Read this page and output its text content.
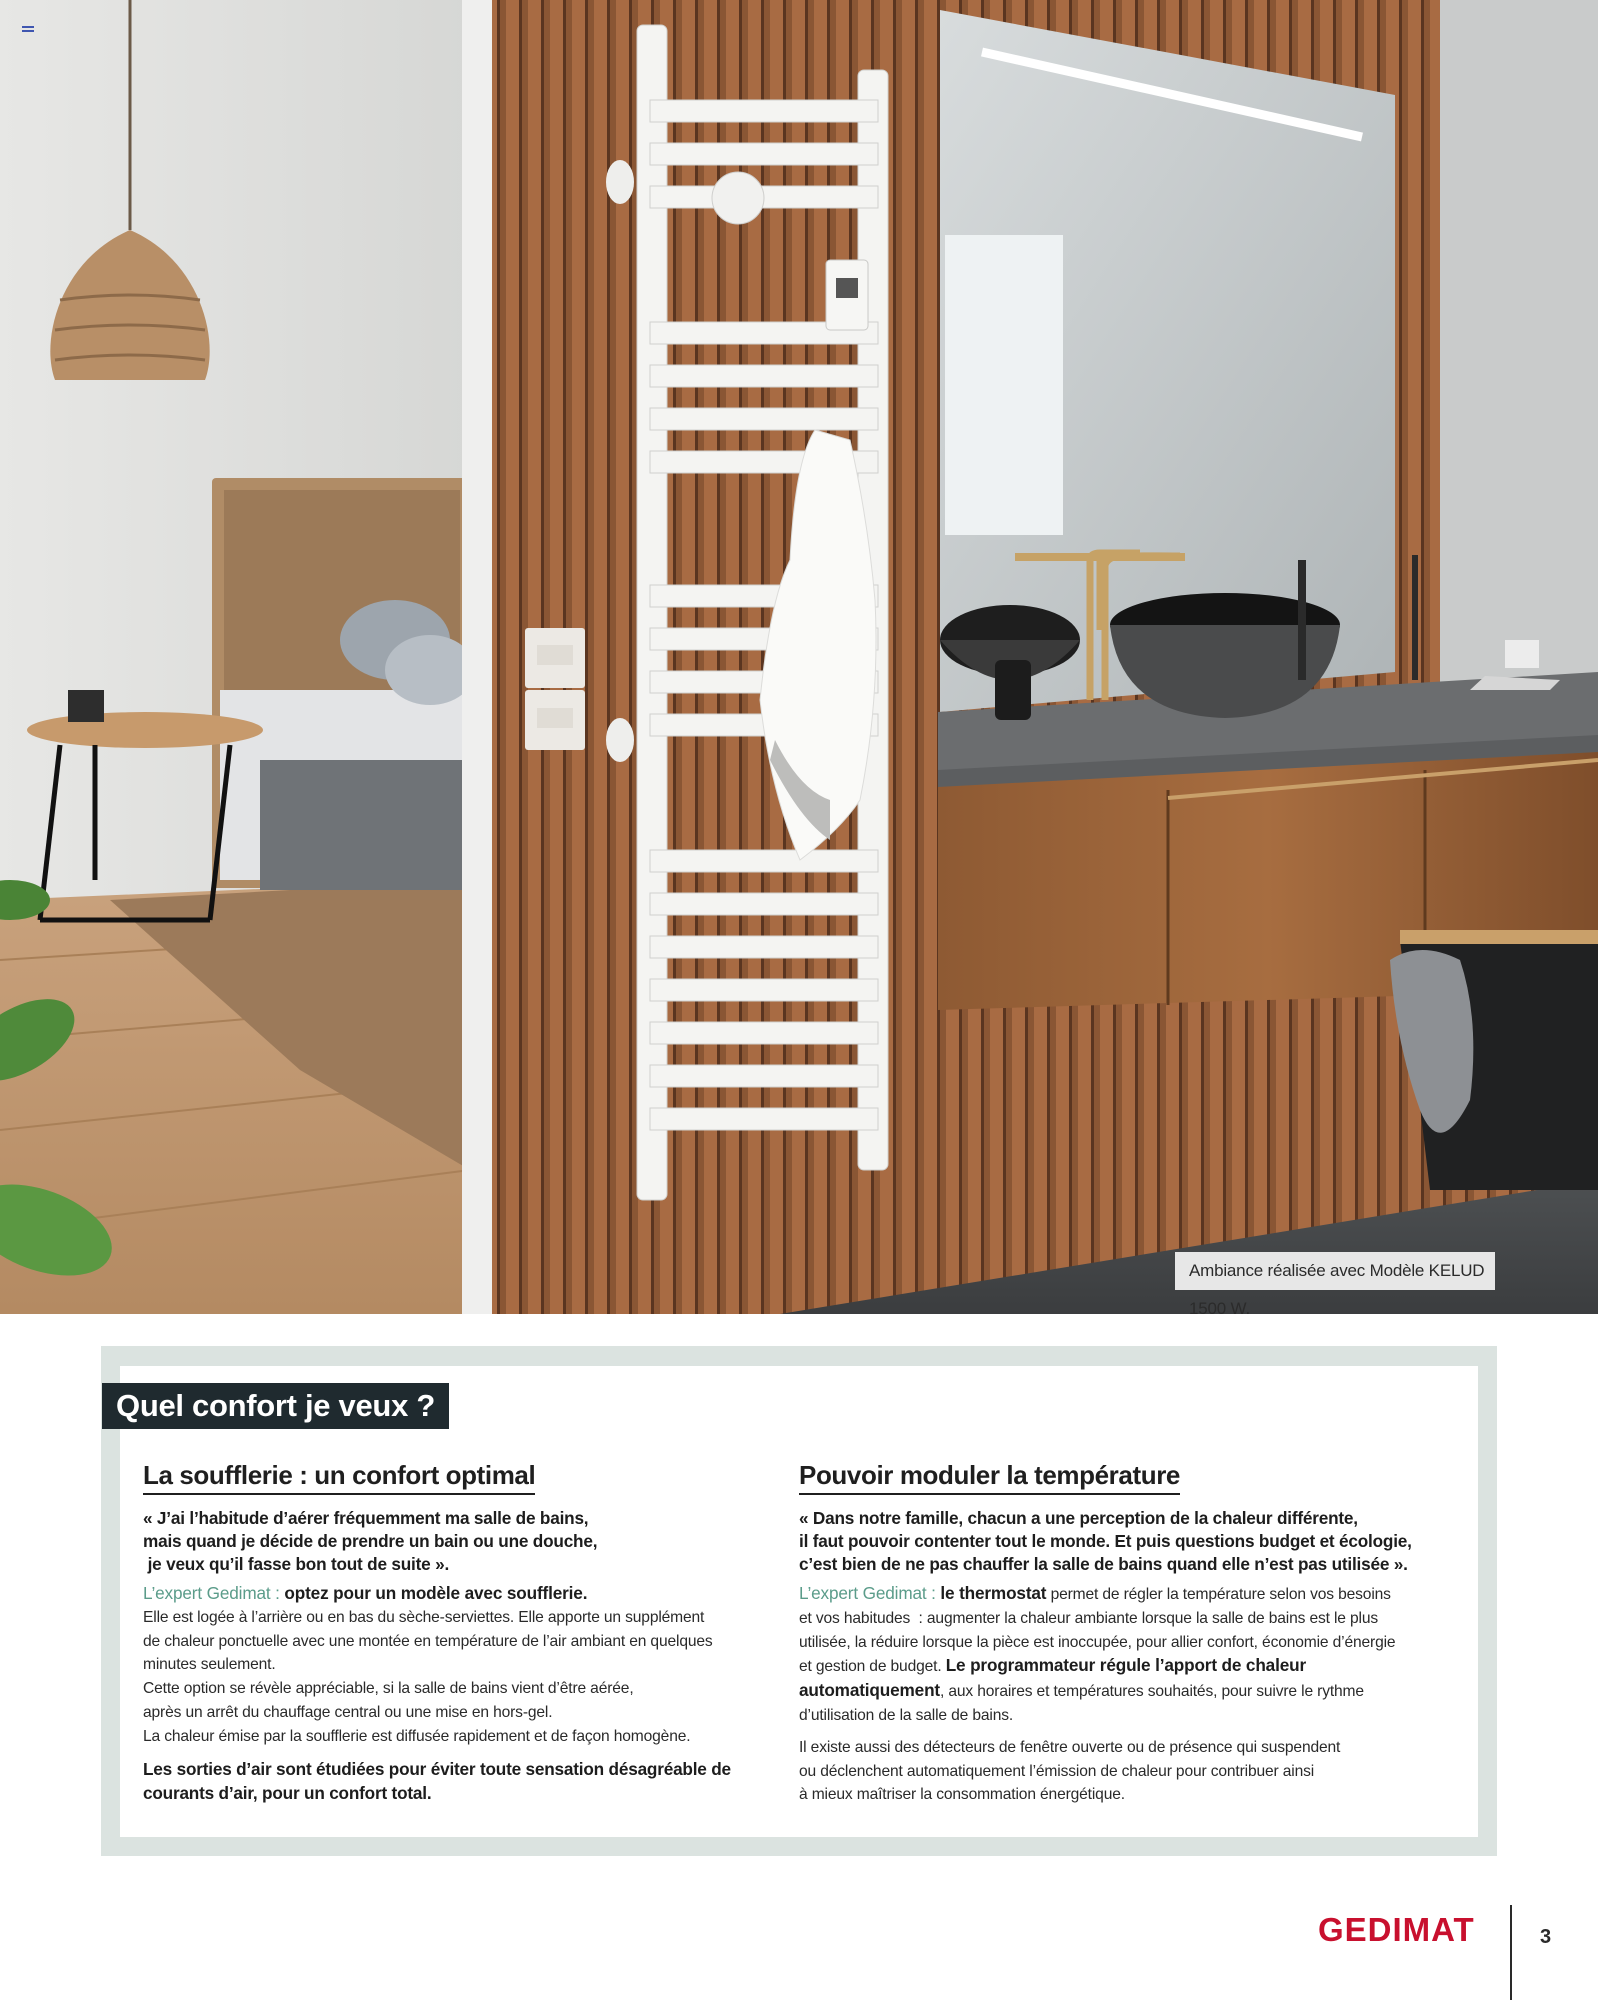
Ambiance réalisée avec Modèle KELUD 1500 W.
Quel confort je veux ?
La soufflerie : un confort optimal
« J’ai l’habitude d’aérer fréquemment ma salle de bains,
mais quand je décide de prendre un bain ou une douche,
je veux qu’il fasse bon tout de suite ».

L’expert Gedimat : optez pour un modèle avec soufflerie.

Elle est logée à l’arrière ou en bas du sèche-serviettes. Elle apporte un supplément

de chaleur ponctuelle avec une montée en température de l’air ambiant en quelques

minutes seulement.

Cette option se révèle appréciable, si la salle de bains vient d’être aérée,

après un arrêt du chauffage central ou une mise en hors-gel.

La chaleur émise par la soufflerie est diffusée rapidement et de façon homogène.

Les sorties d’air sont étudiées pour éviter toute sensation désagréable de
courants d’air, pour un confort total.
Pouvoir moduler la température
« Dans notre famille, chacun a une perception de la chaleur différente,
il faut pouvoir contenter tout le monde. Et puis questions budget et écologie,
c’est bien de ne pas chauffer la salle de bains quand elle n’est pas utilisée ».

L’expert Gedimat : le thermostat permet de régler la température selon vos besoins

et vos habitudes  : augmenter la chaleur ambiante lorsque la salle de bains est le plus

utilisée, la réduire lorsque la pièce est inoccupée, pour allier confort, économie d’énergie

et gestion de budget. Le programmateur régule l’apport de chaleur

automatiquement, aux horaires et températures souhaités, pour suivre le rythme

d’utilisation de la salle de bains.

Il existe aussi des détecteurs de fenêtre ouverte ou de présence qui suspendent

ou déclenchent automatiquement l’émission de chaleur pour contribuer ainsi

à mieux maîtriser la consommation énergétique.

GEDIMAT	3
